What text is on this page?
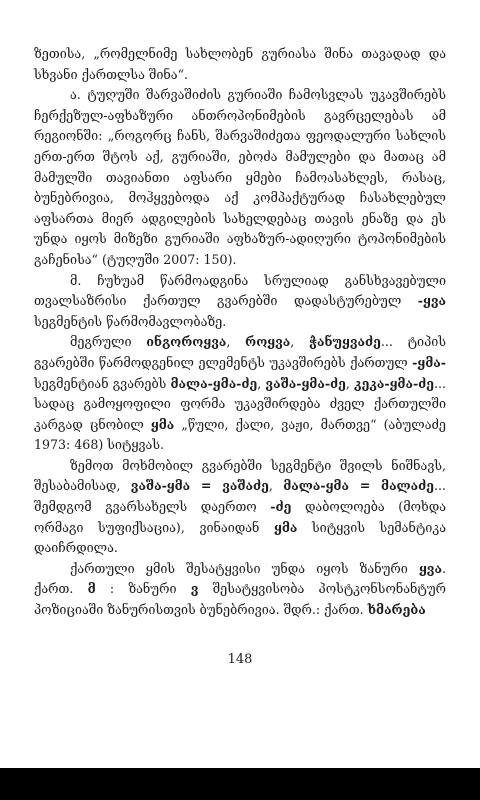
ზეთისა, „რომელნიმე სახლობენ გურიასა შინა თავადად და სხვანი ქართლსა შინა“.

ა. ტუღუში შარვაშიძის გურიაში ჩამოსვლას უკავშირებს ჩერქეზულ-აფხაზური ანთროპონიმების გავრცელებას ამ რეგიონში: „როგორც ჩანს, შარვაშიძეთა ფეოდალური სახლის ერთ-ერთ შტოს აქ, გურიაში, ებოძა მამულები და მათაც ამ მამულში თავიანთი აფსარი ყმები ჩამოასახლეს, რასაც, ბუნებრივია, მოჰყვებოდა აქ კომპაქტურად ჩასახლებულ აფსართა მიერ ადგილების სახელდებაც თავის ენაზე და ეს უნდა იყოს მიზეზი გურიაში აფხაზურ-ადიღური ტოპონიმების გაჩენისა“ (ტუღუში 2007: 150).

მ. ჩუხუამ წარმოადგინა სრულიად განსხვავებული თვალსაზრისი ქართულ გვარებში დადასტურებულ -ყვა სეგმენტის წარმომავლობაზე.

მეგრული ინგოროყვა, როყვა, ჭანუყვაძე... ტიპის გვარებში წარმოდგენილ ელემენტს უკავშირებს ქართულ -ყმა- სეგმენტიან გვარებს მალა-ყმა-ძე, ვაშა-ყმა-ძე, კეკა-ყმა-ძე... სადაც გამოყოფილი ფორმა უკავშირდება ძველ ქართულში კარგად ცნობილ ყმა „წული, ქალი, ვაჟი, მართვე“ (აბულაძე 1973: 468) სიტყვას.

ზემოთ მოხმობილ გვარებში სეგმენტი შვილს ნიშნავს, შესაბამისად, ვაშა-ყმა = ვაშაძე, მალა-ყმა = მალაძე... შემდგომ გვარსახელს დაერთო -ძე დაბოლოება (მოხდა ორმაგი სუფიქსაცია), ვინაიდან ყმა სიტყვის სემანტიკა დაიჩრდილა.

ქართული ყმის შესატყვისი უნდა იყოს ზანური ყვა. ქართ. მ : ზანური ვ შესატყვისობა პოსტკონსონანტურ პოზიციაში ზანურისთვის ბუნებრივია. შდრ.: ქართ. ხმარება

148
